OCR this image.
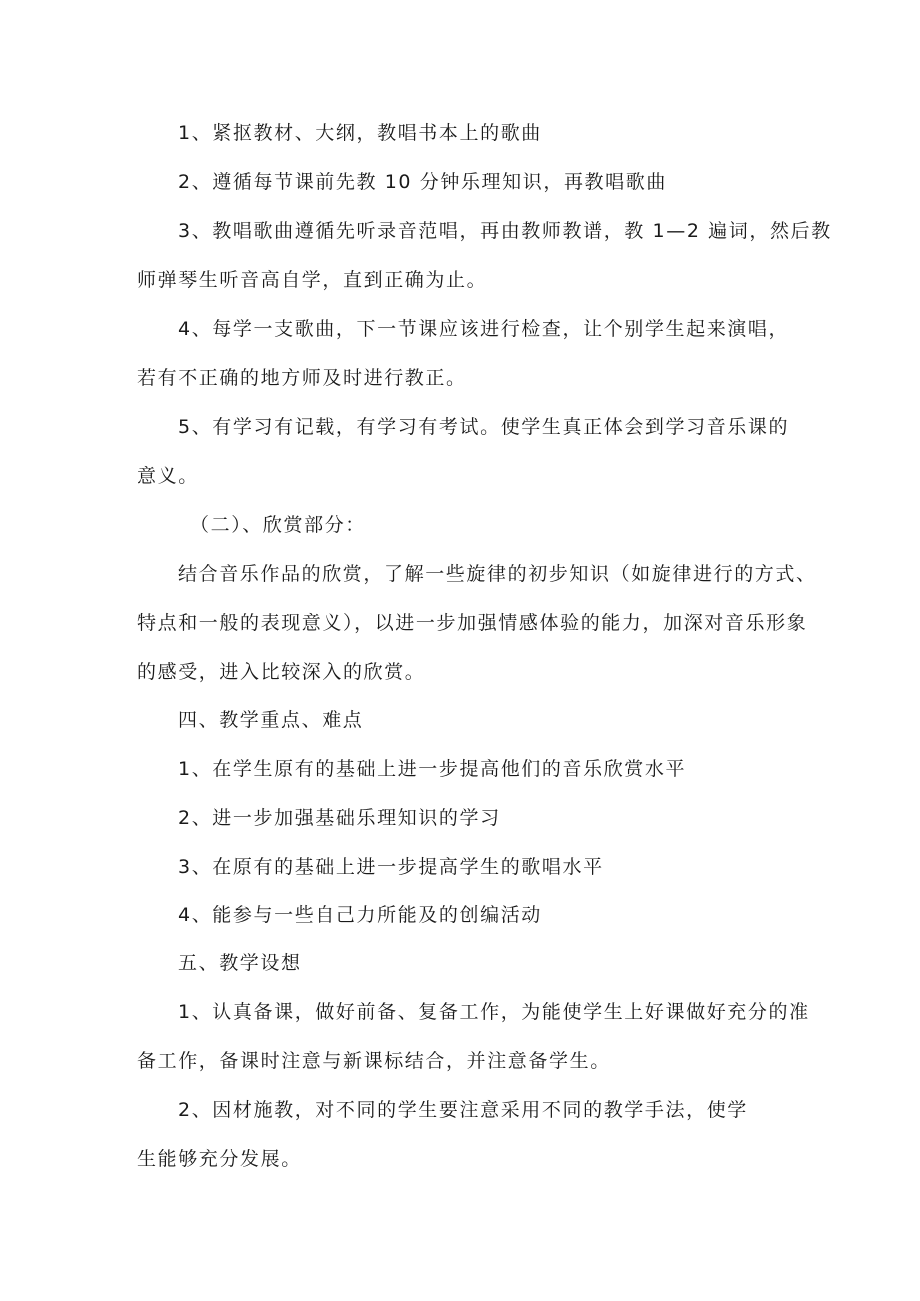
1、紧抠教材、大纲，教唱书本上的歌曲

2、遵循每节课前先教 10 分钟乐理知识，再教唱歌曲

3、教唱歌曲遵循先听录音范唱，再由教师教谱，教 1—2 遍词，然后教

师弹琴生听音高自学，直到正确为止。

4、每学一支歌曲，下一节课应该进行检查，让个别学生起来演唱，

若有不正确的地方师及时进行教正。

5、有学习有记载，有学习有考试。使学生真正体会到学习音乐课的

意义。

（二）、欣赏部分：

结合音乐作品的欣赏，了解一些旋律的初步知识（如旋律进行的方式、

特点和一般的表现意义），以进一步加强情感体验的能力，加深对音乐形象

的感受，进入比较深入的欣赏。

四、教学重点、难点

1、在学生原有的基础上进一步提高他们的音乐欣赏水平

2、进一步加强基础乐理知识的学习

3、在原有的基础上进一步提高学生的歌唱水平

4、能参与一些自己力所能及的创编活动

五、教学设想

1、认真备课，做好前备、复备工作，为能使学生上好课做好充分的准

备工作，备课时注意与新课标结合，并注意备学生。

2、因材施教，对不同的学生要注意采用不同的教学手法，使学

生能够充分发展。
